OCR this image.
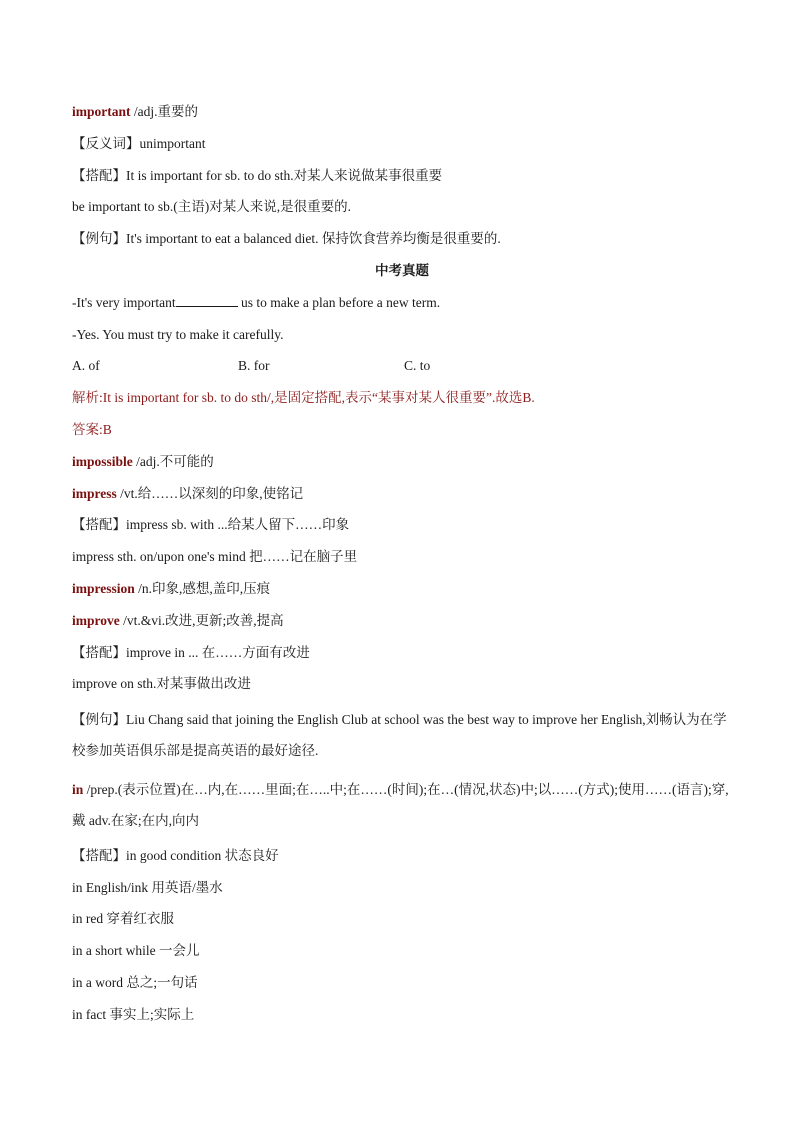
important /adj.重要的
【反义词】unimportant
【搭配】It is important for sb. to do sth.对某人来说做某事很重要
be important to sb.(主语)对某人来说,是很重要的.
【例句】It's important to eat a balanced diet. 保持饮食营养均衡是很重要的.
中考真题
-It's very important	us to make a plan before a new term.
-Yes. You must try to make it carefully.
A. of	B. for	C. to
解析:It is important for sb. to do sth/,是固定搭配,表示“某事对某人很重要”.故选B.
答案:B
impossible /adj.不可能的
impress /vt.给……以深刻的印象,使铭记
【搭配】impress sb. with ...给某人留下……印象
impress sth. on/upon one's mind 把……记在脑子里
impression /n.印象,感想,盖印,压痕
improve /vt.&vi.改进,更新;改善,提高
【搭配】improve in ... 在……方面有改进
improve on sth.对某事做出改进
【例句】Liu Chang said that joining the English Club at school was the best way to improve her English,刘畅认为在学校参加英语俱乐部是提高英语的最好途径.
in /prep.(表示位置)在…内,在……里面;在…..中;在……(时间);在…(情况,状态)中;以……(方式);使用……(语言);穿,戴 adv.在家;在内,向内
【搭配】in good condition 状态良好
in English/ink 用英语/墨水
in red 穿着红衣服
in a short while 一会儿
in a word 总之;一句话
in fact 事实上;实际上
